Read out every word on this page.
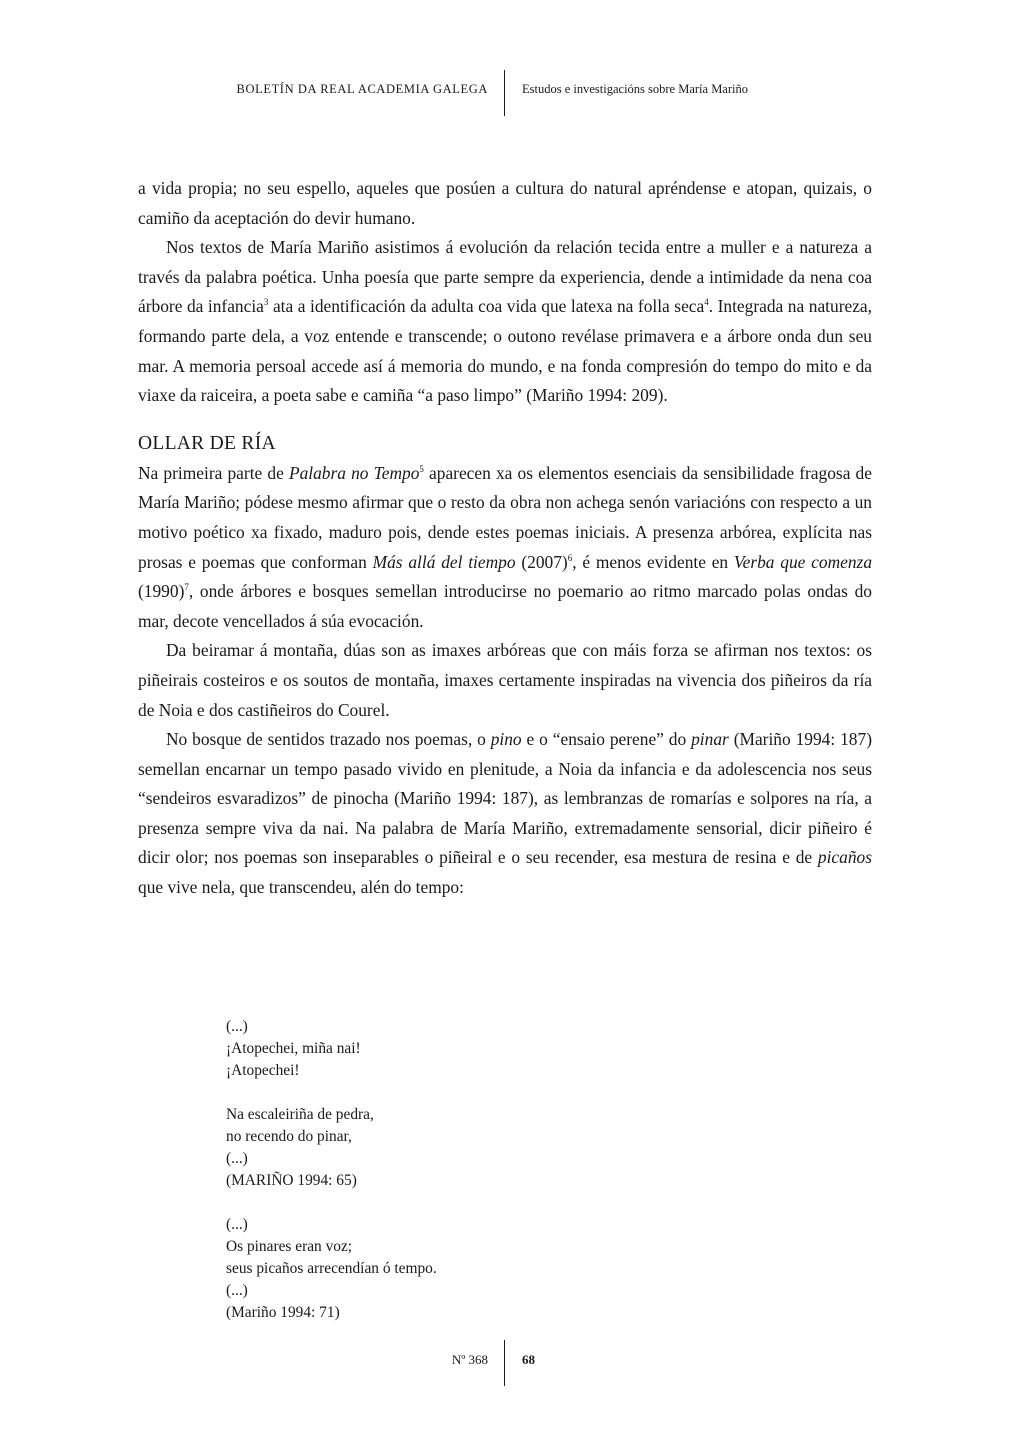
BOLETÍN DA REAL ACADEMIA GALEGA	Estudos e investigacións sobre María Mariño

a vida propia; no seu espello, aqueles que posúen a cultura do natural apréndense e atopan, quizais, o camiño da aceptación do devir humano.

Nos textos de María Mariño asistimos á evolución da relación tecida entre a muller e a natureza a través da palabra poética. Unha poesía que parte sempre da experiencia, dende a intimidade da nena coa árbore da infancia$^3$ ata a identificación da adulta coa vida que latexa na folla seca$^4$. Integrada na natureza, formando parte dela, a voz entende e transcende; o outono revélase primavera e a árbore onda dun seu mar. A memoria persoal accede así á memoria do mundo, e na fonda compresión do tempo do mito e da viaxe da raiceira, a poeta sabe e camiña “a paso limpo” (Mariño 1994: 209).

OLLAR DE RÍA

Na primeira parte de Palabra no Tempo$^5$ aparecen xa os elementos esenciais da sensibilidade fragosa de María Mariño; pódese mesmo afirmar que o resto da obra non achega senón variacións con respecto a un motivo poético xa fixado, maduro pois, dende estes poemas iniciais. A presenza arbórea, explícita nas prosas e poemas que conforman Más allá del tiempo $(2007)^6$, é menos evidente en Verba que comenza $(1990)^7$, onde árbores e bosques semellan introducirse no poemario ao ritmo marcado polas ondas do mar, decote vencellados á súa evocación.

Da beiramar á montaña, dúas son as imaxes arbóreas que con máis forza se afirman nos textos: os piñeirais costeiros e os soutos de montaña, imaxes certamente inspiradas na vivencia dos piñeiros da ría de Noia e dos castiñeiros do Courel.

No bosque de sentidos trazado nos poemas, o pino e o “ensaio perene” do pinar (Mariño 1994: 187) semellan encarnar un tempo pasado vivido en plenitude, a Noia da infancia e da adolescencia nos seus “sendeiros esvaradizos” de pinocha (Mariño 1994: 187), as lembranzas de romarías e solpores na ría, a presenza sempre viva da nai. Na palabra de María Mariño, extremadamente sensorial, dicir piñeiro é dicir olor; nos poemas son inseparables o piñeiral e o seu recender, esa mestura de resina e de picaños que vive nela, que transcendeu, alén do tempo:

(...)
¡Atopechei, miña nai!
¡Atopechei!
Na escaleiriña de pedra,
no recendo do pinar,
(...)
(MARIÑO 1994: 65)
(...)
Os pinares eran voz;
seus picaños arrecendían ó tempo.
(...)
(Mariño 1994: 71)
Nº 368	68
